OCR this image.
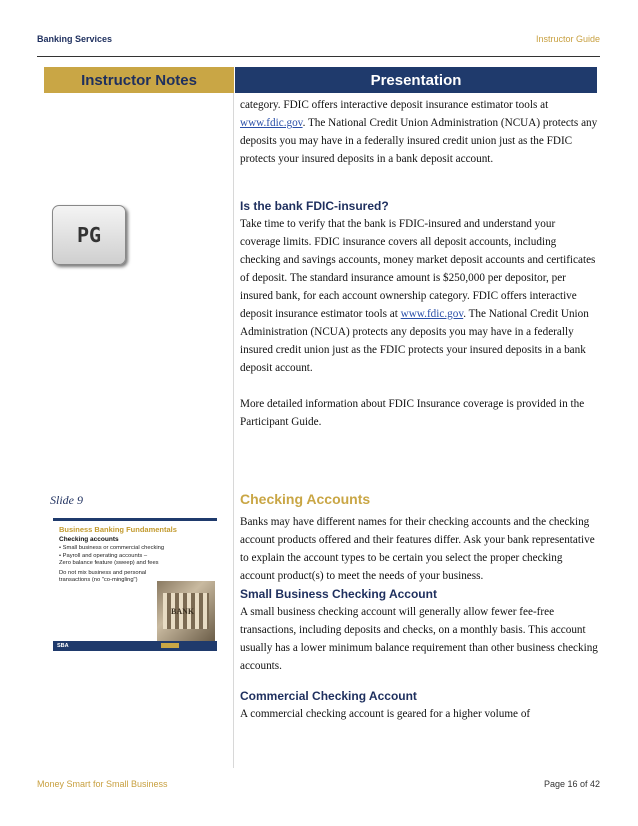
Banking Services	Instructor Guide
Instructor Notes	Presentation
PG
Slide 9
Business Banking Fundamentals
Checking accounts
• Small business or commercial checking
• Payroll and operating accounts – Zero balance feature (sweep) and fees
Do not mix business and personal transactions (no "co-mingling")
BANK
SBA

category. FDIC offers interactive deposit insurance estimator tools at www.fdic.gov. The National Credit Union Administration (NCUA) protects any deposits you may have in a federally insured credit union just as the FDIC protects your insured deposits in a bank deposit account.

Is the bank FDIC-insured?

Take time to verify that the bank is FDIC-insured and understand your coverage limits. FDIC insurance covers all deposit accounts, including checking and savings accounts, money market deposit accounts and certificates of deposit. The standard insurance amount is $250,000 per depositor, per insured bank, for each account ownership category. FDIC offers interactive deposit insurance estimator tools at www.fdic.gov. The National Credit Union Administration (NCUA) protects any deposits you may have in a federally insured credit union just as the FDIC protects your insured deposits in a bank deposit account.

More detailed information about FDIC Insurance coverage is provided in the Participant Guide.

Checking Accounts

Banks may have different names for their checking accounts and the checking account products offered and their features differ. Ask your bank representative to explain the account types to be certain you select the proper checking account product(s) to meet the needs of your business.

Small Business Checking Account

A small business checking account will generally allow fewer fee-free transactions, including deposits and checks, on a monthly basis. This account usually has a lower minimum balance requirement than other business checking accounts.

Commercial Checking Account

A commercial checking account is geared for a higher volume of

Money Smart for Small Business	Page 16 of 42
